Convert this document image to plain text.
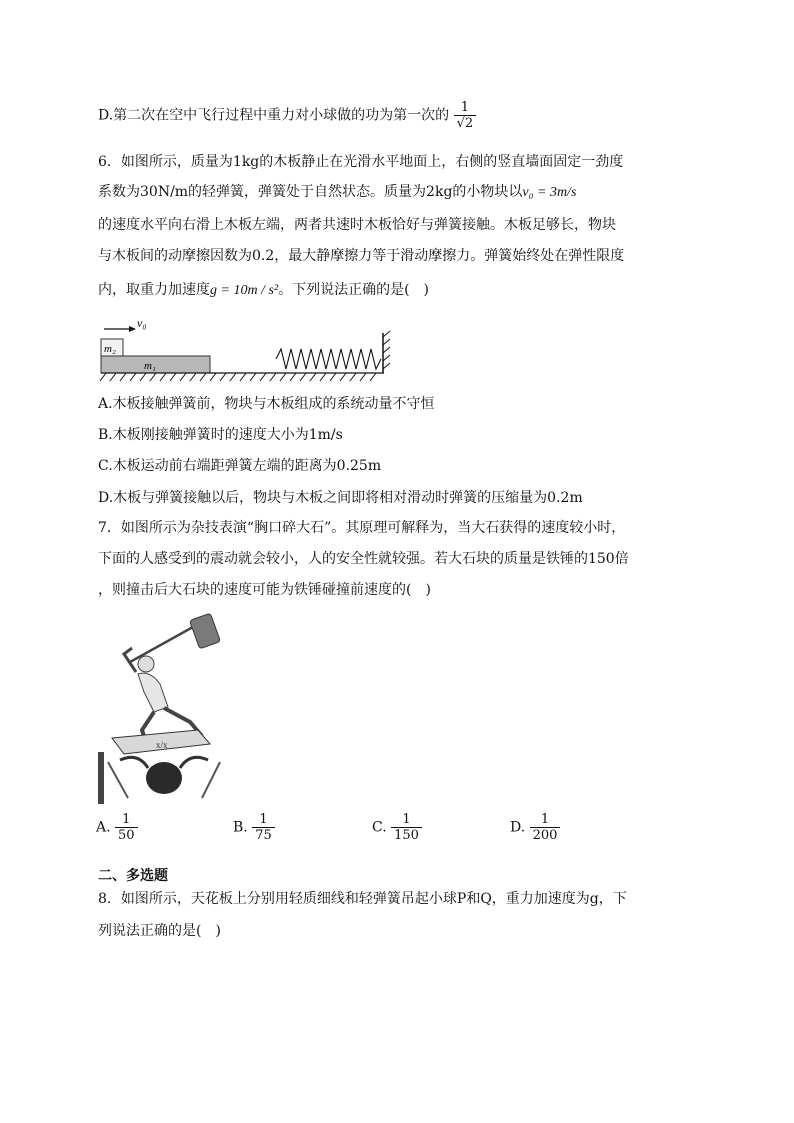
D.第二次在空中飞行过程中重力对小球做的功为第一次的 $\frac{1}{√2}$
6．如图所示，质量为1kg的木板静止在光滑水平地面上，右侧的竖直墙面固定一劲度
系数为30N/m的轻弹簧，弹簧处于自然状态。质量为2kg的小物块以v₀ = 3m/s
的速度水平向右滑上木板左端，两者共速时木板恰好与弹簧接触。木板足够长，物块
与木板间的动摩擦因数为0.2，最大静摩擦力等于滑动摩擦力。弹簧始终处在弹性限度
内，取重力加速度g = 10m / s²。下列说法正确的是(　)
v₀
m₂
m₁
A.木板接触弹簧前，物块与木板组成的系统动量不守恒
B.木板刚接触弹簧时的速度大小为1m/s
C.木板运动前右端距弹簧左端的距离为0.25m
D.木板与弹簧接触以后，物块与木板之间即将相对滑动时弹簧的压缩量为0.2m
7．如图所示为杂技表演“胸口碎大石”。其原理可解释为，当大石获得的速度较小时，
下面的人感受到的震动就会较小，人的安全性就较强。若大石块的质量是铁锤的150倍
，则撞击后大石块的速度可能为铁锤碰撞前速度的(　)
x/x
A. $\frac{1}{50}$	B. $\frac{1}{75}$	C. $\frac{1}{150}$	D. $\frac{1}{200}$
二、多选题
8．如图所示，天花板上分别用轻质细线和轻弹簧吊起小球P和Q，重力加速度为g，下
列说法正确的是(　)
